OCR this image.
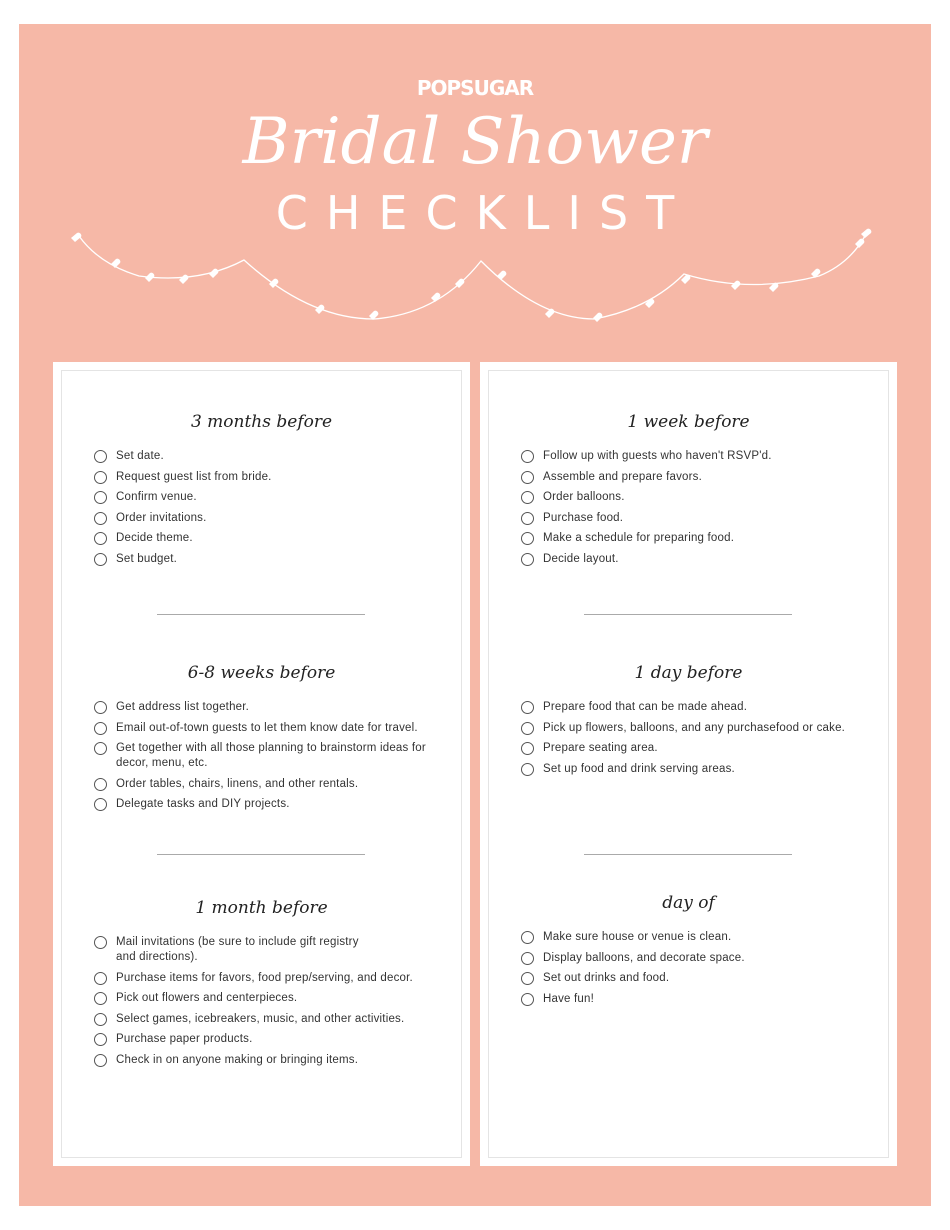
POPSUGAR
Bridal Shower
CHECKLIST
3 months before
Set date.
Request guest list from bride.
Confirm venue.
Order invitations.
Decide theme.
Set budget.
6-8 weeks before
Get address list together.
Email out-of-town guests to let them know date for travel.
Get together with all those planning to brainstorm ideas for decor, menu, etc.
Order tables, chairs, linens, and other rentals.
Delegate tasks and DIY projects.
1 month before
Mail invitations (be sure to include gift registry and directions).
Purchase items for favors, food prep/serving, and decor.
Pick out flowers and centerpieces.
Select games, icebreakers, music, and other activities.
Purchase paper products.
Check in on anyone making or bringing items.
1 week before
Follow up with guests who haven't RSVP'd.
Assemble and prepare favors.
Order balloons.
Purchase food.
Make a schedule for preparing food.
Decide layout.
1 day before
Prepare food that can be made ahead.
Pick up flowers, balloons, and any purchasefood or cake.
Prepare seating area.
Set up food and drink serving areas.
day of
Make sure house or venue is clean.
Display balloons, and decorate space.
Set out drinks and food.
Have fun!
